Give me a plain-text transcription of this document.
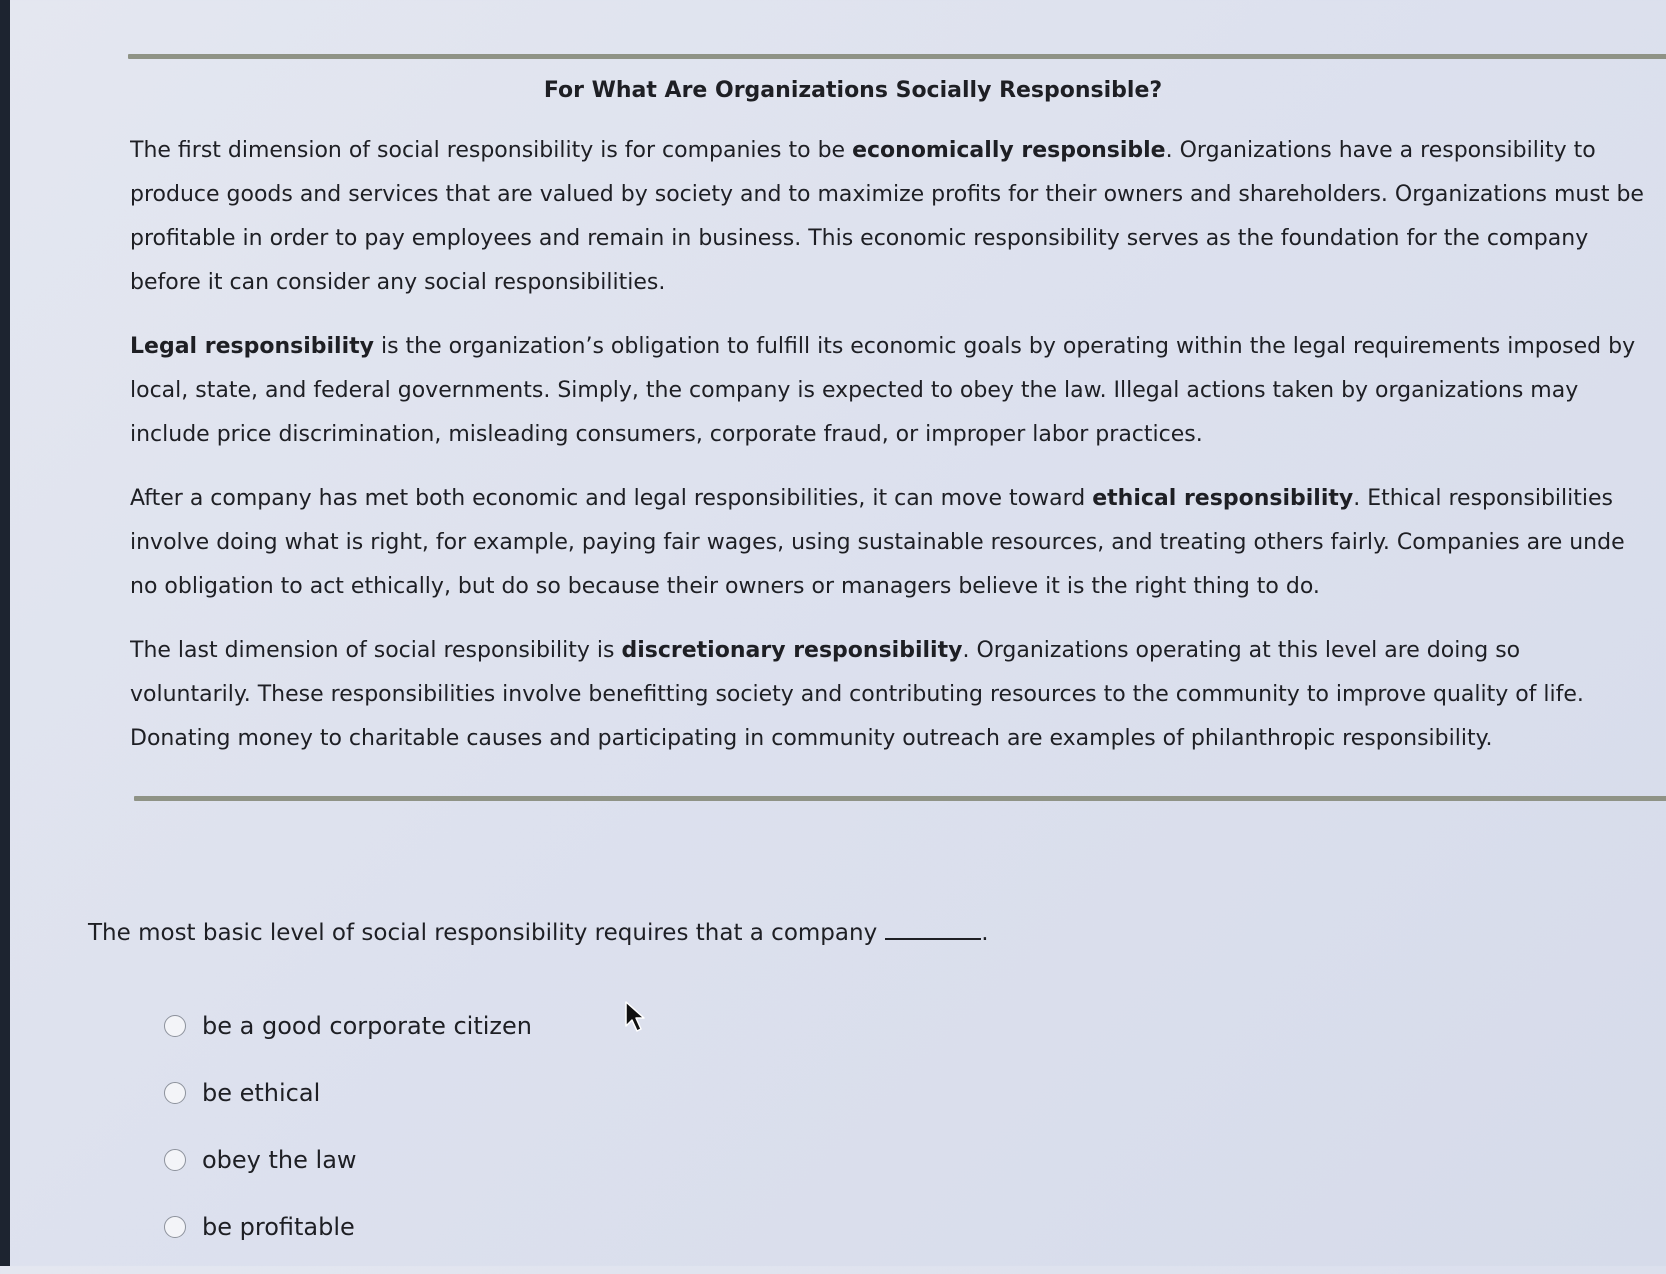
For What Are Organizations Socially Responsible?
The first dimension of social responsibility is for companies to be economically responsible. Organizations have a responsibility to
produce goods and services that are valued by society and to maximize profits for their owners and shareholders. Organizations must be
profitable in order to pay employees and remain in business. This economic responsibility serves as the foundation for the company
before it can consider any social responsibilities.
Legal responsibility is the organization’s obligation to fulfill its economic goals by operating within the legal requirements imposed by
local, state, and federal governments. Simply, the company is expected to obey the law. Illegal actions taken by organizations may
include price discrimination, misleading consumers, corporate fraud, or improper labor practices.
After a company has met both economic and legal responsibilities, it can move toward ethical responsibility. Ethical responsibilities
involve doing what is right, for example, paying fair wages, using sustainable resources, and treating others fairly. Companies are unde
no obligation to act ethically, but do so because their owners or managers believe it is the right thing to do.
The last dimension of social responsibility is discretionary responsibility. Organizations operating at this level are doing so
voluntarily. These responsibilities involve benefitting society and contributing resources to the community to improve quality of life.
Donating money to charitable causes and participating in community outreach are examples of philanthropic responsibility.
The most basic level of social responsibility requires that a company	.
be a good corporate citizen
be ethical
obey the law
be profitable
